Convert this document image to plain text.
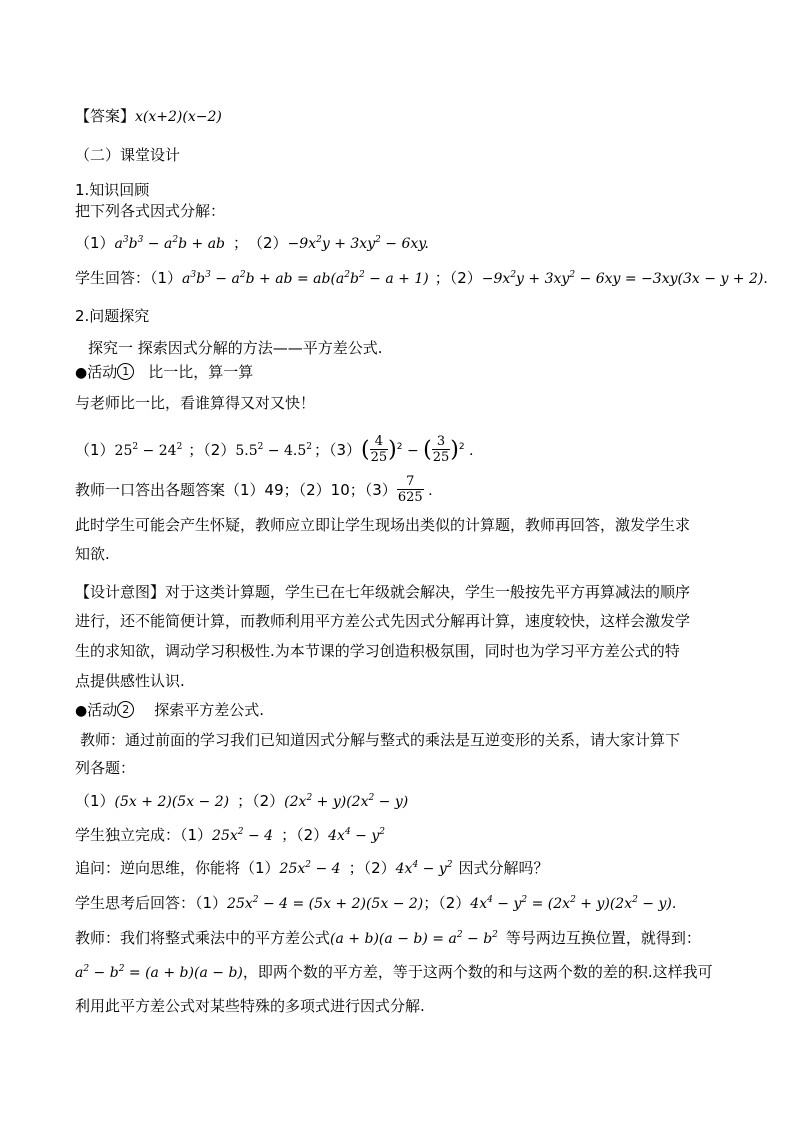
【答案】x(x+2)(x−2)
（二）课堂设计
1.知识回顾
把下列各式因式分解：
$(1)a^3b^3 - a^2b$ + ab ；　$(2)-9x^2y + 3xy^2 - 6xy$.
学生回答：$(1)a^3b^3 - a^2b$ + ab = $ab(a^2b^2 - a + 1)$ ；$(2)-9x^2y + 3xy^2 - 6xy = -3xy(3x - y + 2)$.
2.问题探究
探究一 探索因式分解的方法——平方差公式.
●活动 1 比一比，算一算
与老师比一比，看谁算得又对又快！
$(1)25^2 - 24^2$ ；$(2)5.5^2 - 4.5^2$ ；$(3)( \frac{4}{25} )^2$ − ( $\frac{3}{25} )^2$ .
教师一口答出各题答案（1）49；（2）10；$(3) \frac{7}{625}$ .
此时学生可能会产生怀疑，教师应立即让学生现场出类似的计算题，教师再回答，激发学生求
知欲.
【设计意图】对于这类计算题，学生已在七年级就会解决，学生一般按先平方再算减法的顺序
进行，还不能简便计算，而教师利用平方差公式先因式分解再计算，速度较快，这样会激发学
生的求知欲，调动学习积极性.为本节课的学习创造积极氛围，同时也为学习平方差公式的特
点提供感性认识.
●活动 2 探索平方差公式.
教师：通过前面的学习我们已知道因式分解与整式的乘法是互逆变形的关系，请大家计算下
列各题：
（1）(5x + 2)(5x − 2) ；$(2)(2x^2 + y)(2x^2 - y)$
学生独立完成：$(1)25x^2 - 4$ ；$(2)4x^4 - y^2$
追问：逆向思维，你能将$(1)25x^2 - 4$ ；$(2)4x^4 - y^2$ 因式分解吗？
学生思考后回答：$(1)25x^2 - 4 = (5x + 2)(5x - 2)$；$(2)4x^4 - y^2 = (2x^2 + y)(2x^2 - y)$.
教师：我们将整式乘法中的平方差公式$(a + b)(a - b) = a^2 - b^2$ 等号两边互换位置，就得到：
$a^2 - b^2 = (a + b)(a - b)$，即两个数的平方差，等于这两个数的和与这两个数的差的积.这样我可
利用此平方差公式对某些特殊的多项式进行因式分解.
